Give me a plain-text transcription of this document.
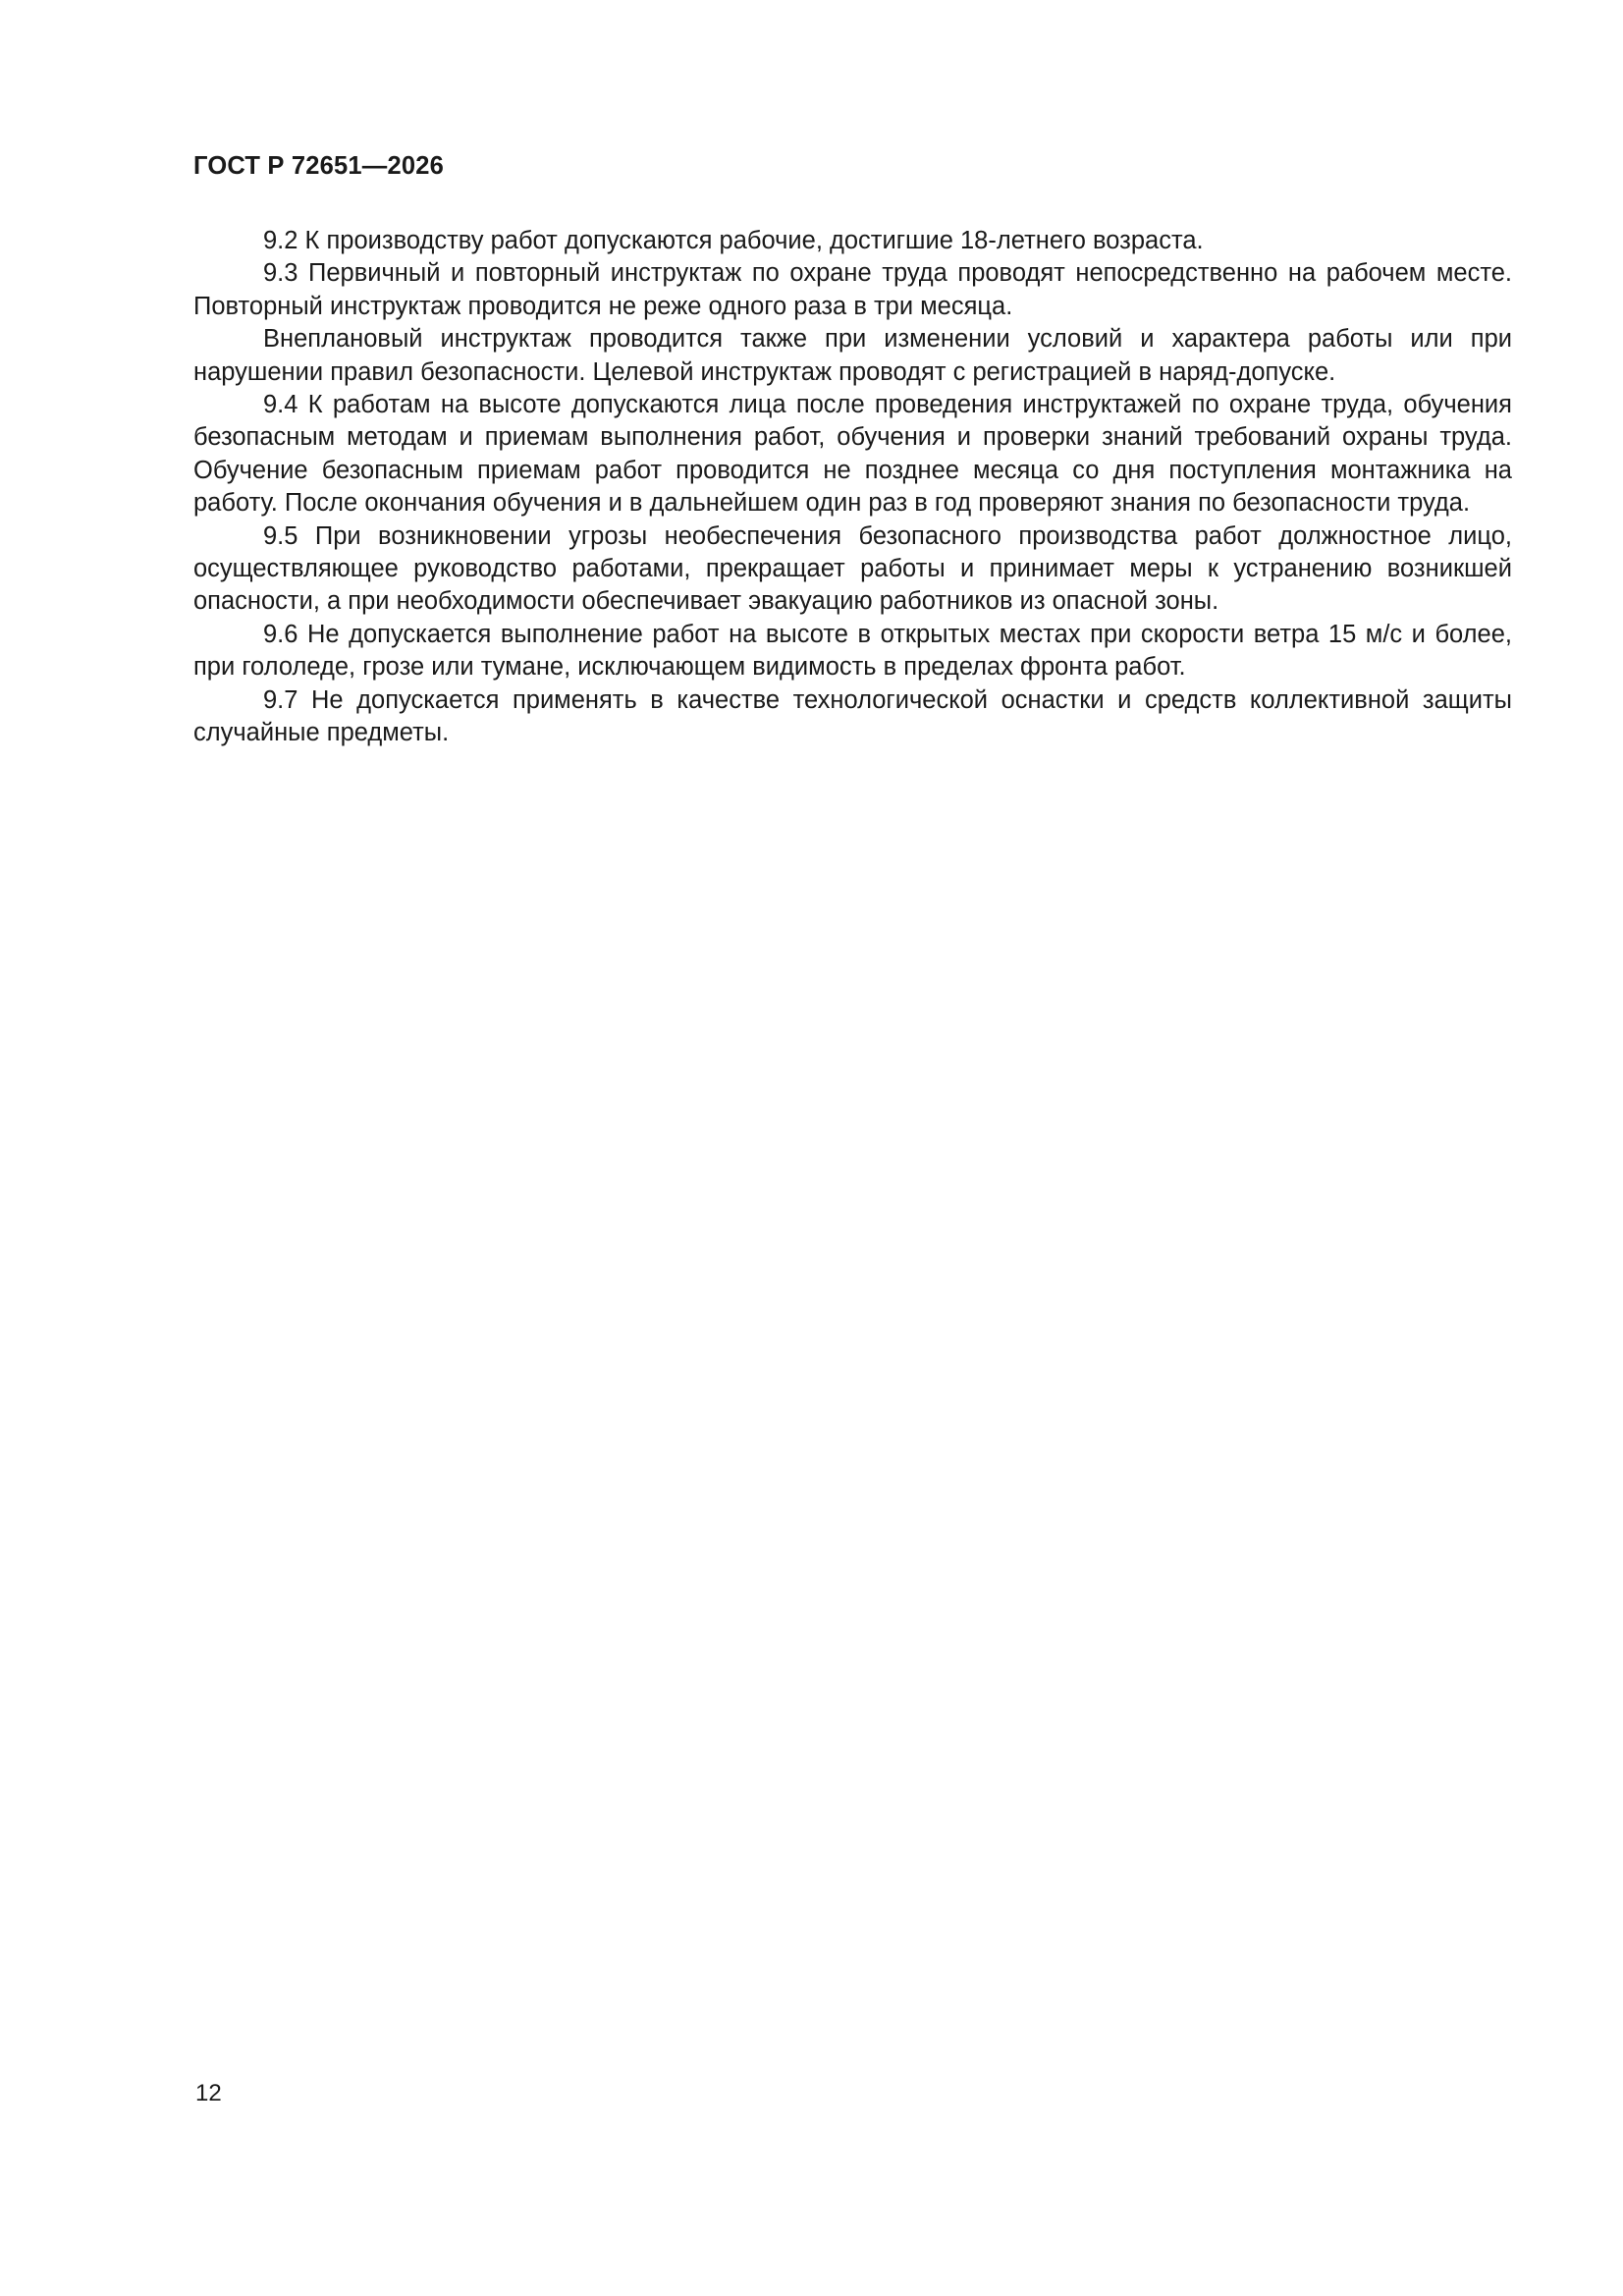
ГОСТ Р 72651—2026

9.2 К производству работ допускаются рабочие, достигшие 18-летнего возраста.

9.3 Первичный и повторный инструктаж по охране труда проводят непосредственно на рабочем месте. Повторный инструктаж проводится не реже одного раза в три месяца.

Внеплановый инструктаж проводится также при изменении условий и характера работы или при нарушении правил безопасности. Целевой инструктаж проводят с регистрацией в наряд-допуске.

9.4 К работам на высоте допускаются лица после проведения инструктажей по охране труда, обучения безопасным методам и приемам выполнения работ, обучения и проверки знаний требований охраны труда. Обучение безопасным приемам работ проводится не позднее месяца со дня поступления монтажника на работу. После окончания обучения и в дальнейшем один раз в год проверяют знания по безопасности труда.

9.5 При возникновении угрозы необеспечения безопасного производства работ должностное лицо, осуществляющее руководство работами, прекращает работы и принимает меры к устранению возникшей опасности, а при необходимости обеспечивает эвакуацию работников из опасной зоны.

9.6 Не допускается выполнение работ на высоте в открытых местах при скорости ветра 15 м/с и более, при гололеде, грозе или тумане, исключающем видимость в пределах фронта работ.

9.7 Не допускается применять в качестве технологической оснастки и средств коллективной защиты случайные предметы.

12
